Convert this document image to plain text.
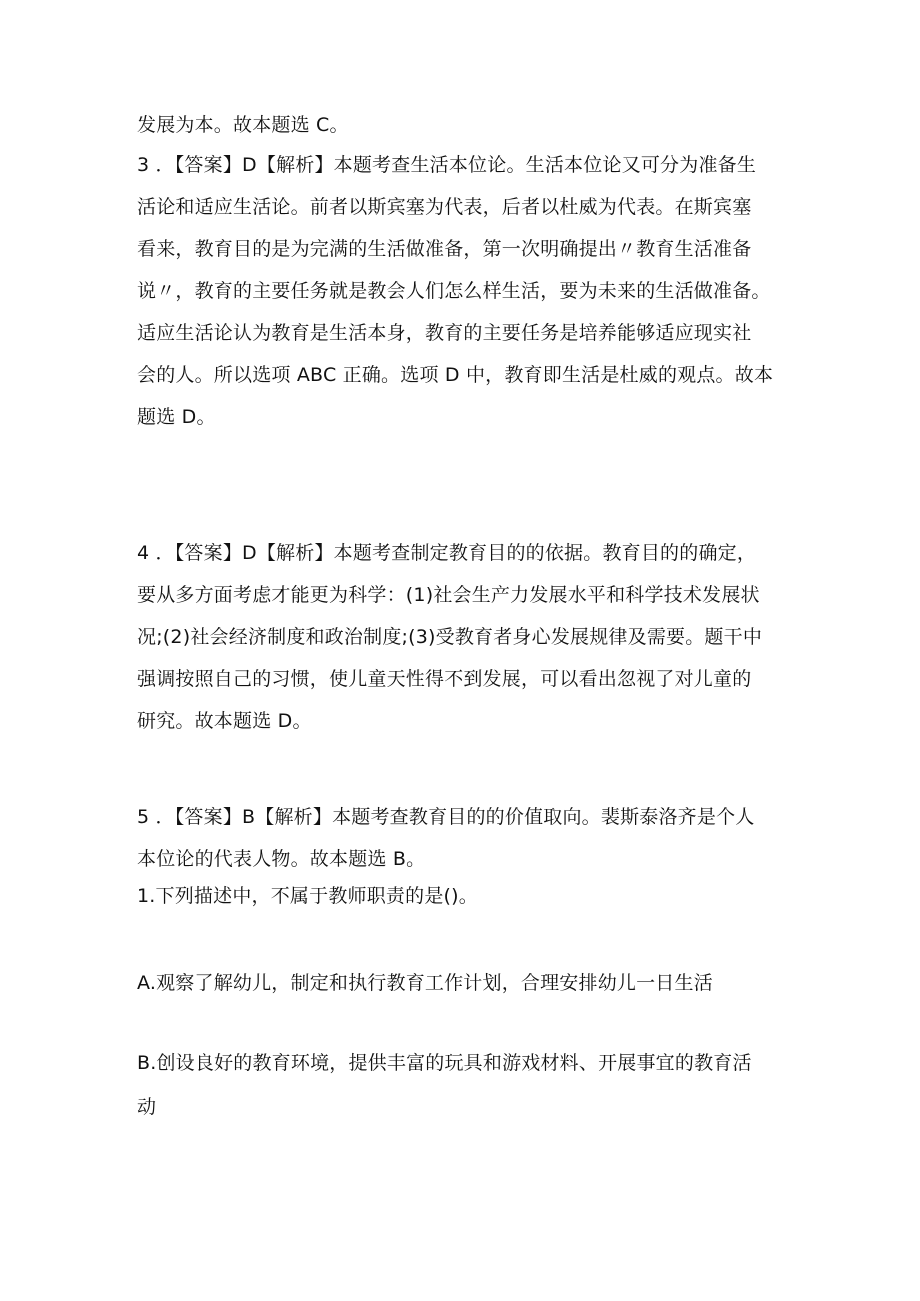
发展为本。故本题选 C。

3 ．【答案】D【解析】本题考查生活本位论。生活本位论又可分为准备生

活论和适应生活论。前者以斯宾塞为代表，后者以杜威为代表。在斯宾塞

看来，教育目的是为完满的生活做准备，第一次明确提出〃教育生活准备

说〃，教育的主要任务就是教会人们怎么样生活，要为未来的生活做准备。

适应生活论认为教育是生活本身，教育的主要任务是培养能够适应现实社

会的人。所以选项 ABC 正确。选项 D 中，教育即生活是杜威的观点。故本

题选 D。

4 ．【答案】D【解析】本题考查制定教育目的的依据。教育目的的确定，

要从多方面考虑才能更为科学：(1)社会生产力发展水平和科学技术发展状

况;(2)社会经济制度和政治制度;(3)受教育者身心发展规律及需要。题干中

强调按照自己的习惯，使儿童天性得不到发展，可以看出忽视了对儿童的

研究。故本题选 D。

5 ．【答案】B【解析】本题考查教育目的的价值取向。裴斯泰洛齐是个人

本位论的代表人物。故本题选 B。

1.下列描述中，不属于教师职责的是()。

A.观察了解幼儿，制定和执行教育工作计划，合理安排幼儿一日生活

B.创设良好的教育环境，提供丰富的玩具和游戏材料、开展事宜的教育活

动
